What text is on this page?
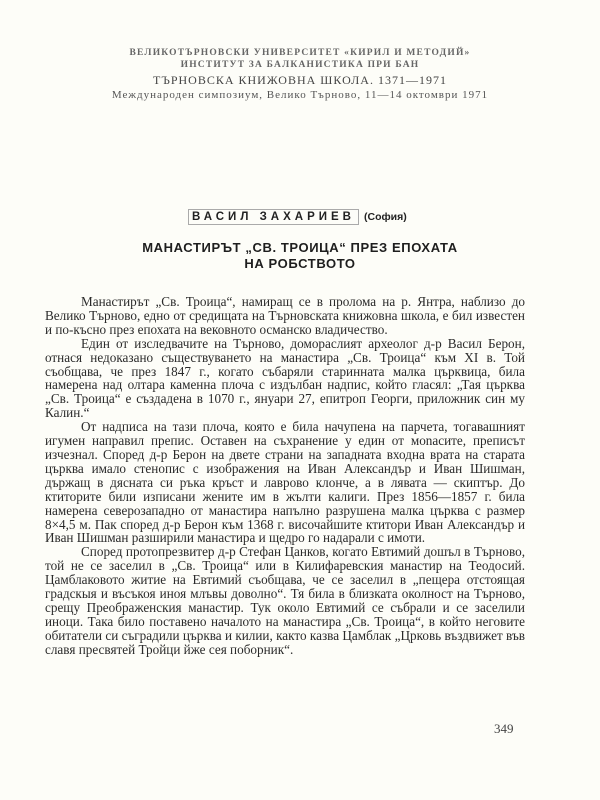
ВЕЛИКОТЪРНОВСКИ УНИВЕРСИТЕТ «КИРИЛ И МЕТОДИЙ»
ИНСТИТУТ ЗА БАЛКАНИСТИКА ПРИ БАН
ТЪРНОВСКА КНИЖОВНА ШКОЛА. 1371—1971
Международен симпозиум, Велико Търново, 11—14 октомври 1971
ВАСИЛ ЗАХАРИЕВ (София)
МАНАСТИРЪТ „СВ. ТРОИЦА“ ПРЕЗ ЕПОХАТА
НА РОБСТВОТО

Манастирът „Св. Троица“, намиращ се в пролома на р. Янтра, наблизо до Велико Търново, едно от средищата на Търновската книжовна школа, е бил известен и по-късно през епохата на вековното османско владичество.

Един от изследвачите на Търново, домораслият археолог д-р Васил Берон, отнася недоказано съществуването на манастира „Св. Троица“ към XI в. Той съобщава, че през 1847 г., когато събаряли старинната малка църквица, била намерена над олтара каменна плоча с издълбан надпис, който гласял: „Тая църква „Св. Троица“ е създадена в 1070 г., януари 27, епитроп Георги, приложник син му Калин.“

От надписа на тази плоча, която е била начупена на парчета, тогавашният игумен направил препис. Оставен на съхранение у един от моnaсите, преписът изчезнал. Според д-р Берон на двете страни на западната входна врата на старата църква имало стенопис с изображения на Иван Александър и Иван Шишман, държащ в дясната си ръка кръст и лаврово клонче, а в лявата — скиптър. До ктиторите били изписани женитe им в жълти калиги. През 1856—1857 г. била намерена северозападно от манастира напълно разрушена малка църква с размер 8×4,5 м. Пак според д-р Берон към 1368 г. височайшите ктитори Иван Александър и Иван Шишман разширили манастира и щедро го надарали с имоти.

Според протопрезвитер д-р Стефан Цанков, когато Евтимий дошъл в Търново, той не се заселил в „Св. Троица“ или в Килифаревския манастир на Теодосий. Цамблаковото житие на Евтимий съобщава, че се заселил в „пещера отстоящая градскыя и въсъкоя иноя млъвы доволно“. Тя била в близката околност на Търново, срещу Преображенския манастир. Тук около Евтимий се събрали и се заселили иноци. Така било поставено началото на манастира „Св. Троица“, в който неговите обитатели си съградили църква и килии, както казва Цамблак „Црковь въздвижет във славя пресвятей Тройци йже сея поборник“.

349
